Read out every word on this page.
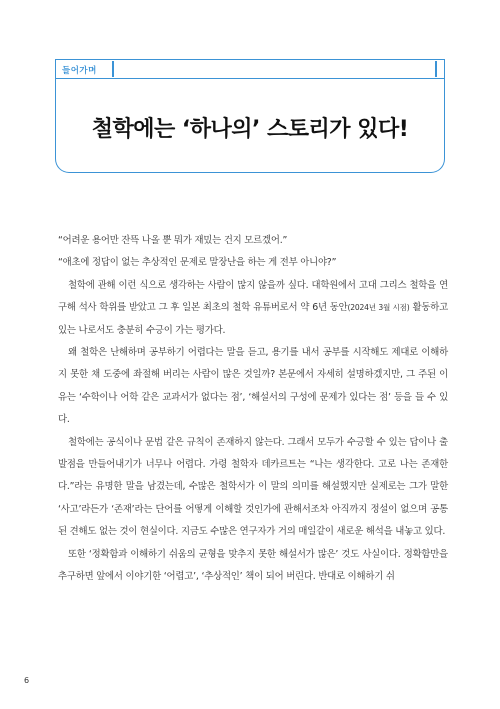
들어가며
철학에는 ‘하나의’ 스토리가 있다!

“어려운 용어만 잔뜩 나올 뿐 뭐가 재밌는 건지 모르겠어.”

“애초에 정답이 없는 추상적인 문제로 말장난을 하는 게 전부 아니야?”

철학에 관해 이런 식으로 생각하는 사람이 많지 않을까 싶다. 대학원에서 고대 그리스 철학을 연구해 석사 학위를 받았고 그 후 일본 최초의 철학 유튜버로서 약 6년 동안(2024년 3월 시점) 활동하고 있는 나로서도 충분히 수긍이 가는 평가다.

왜 철학은 난해하며 공부하기 어렵다는 말을 듣고, 용기를 내서 공부를 시작해도 제대로 이해하지 못한 채 도중에 좌절해 버리는 사람이 많은 것일까? 본문에서 자세히 설명하겠지만, 그 주된 이유는 ‘수학이나 어학 같은 교과서가 없다는 점’, ‘해설서의 구성에 문제가 있다는 점’ 등을 들 수 있다.

철학에는 공식이나 문법 같은 규칙이 존재하지 않는다. 그래서 모두가 수긍할 수 있는 답이나 출발점을 만들어내기가 너무나 어렵다. 가령 철학자 데카르트는 “나는 생각한다. 고로 나는 존재한다.”라는 유명한 말을 남겼는데, 수많은 철학서가 이 말의 의미를 해설했지만 실제로는 그가 말한 ‘사고’라든가 ‘존재’라는 단어를 어떻게 이해할 것인가에 관해서조차 아직까지 정설이 없으며 공통된 견해도 없는 것이 현실이다. 지금도 수많은 연구자가 거의 매일같이 새로운 해석을 내놓고 있다.

또한 ‘정확함과 이해하기 쉬움의 균형을 맞추지 못한 해설서가 많은’ 것도 사실이다. 정확함만을 추구하면 앞에서 이야기한 ‘어렵고’, ‘추상적인’ 책이 되어 버린다. 반대로 이해하기 쉬

6
